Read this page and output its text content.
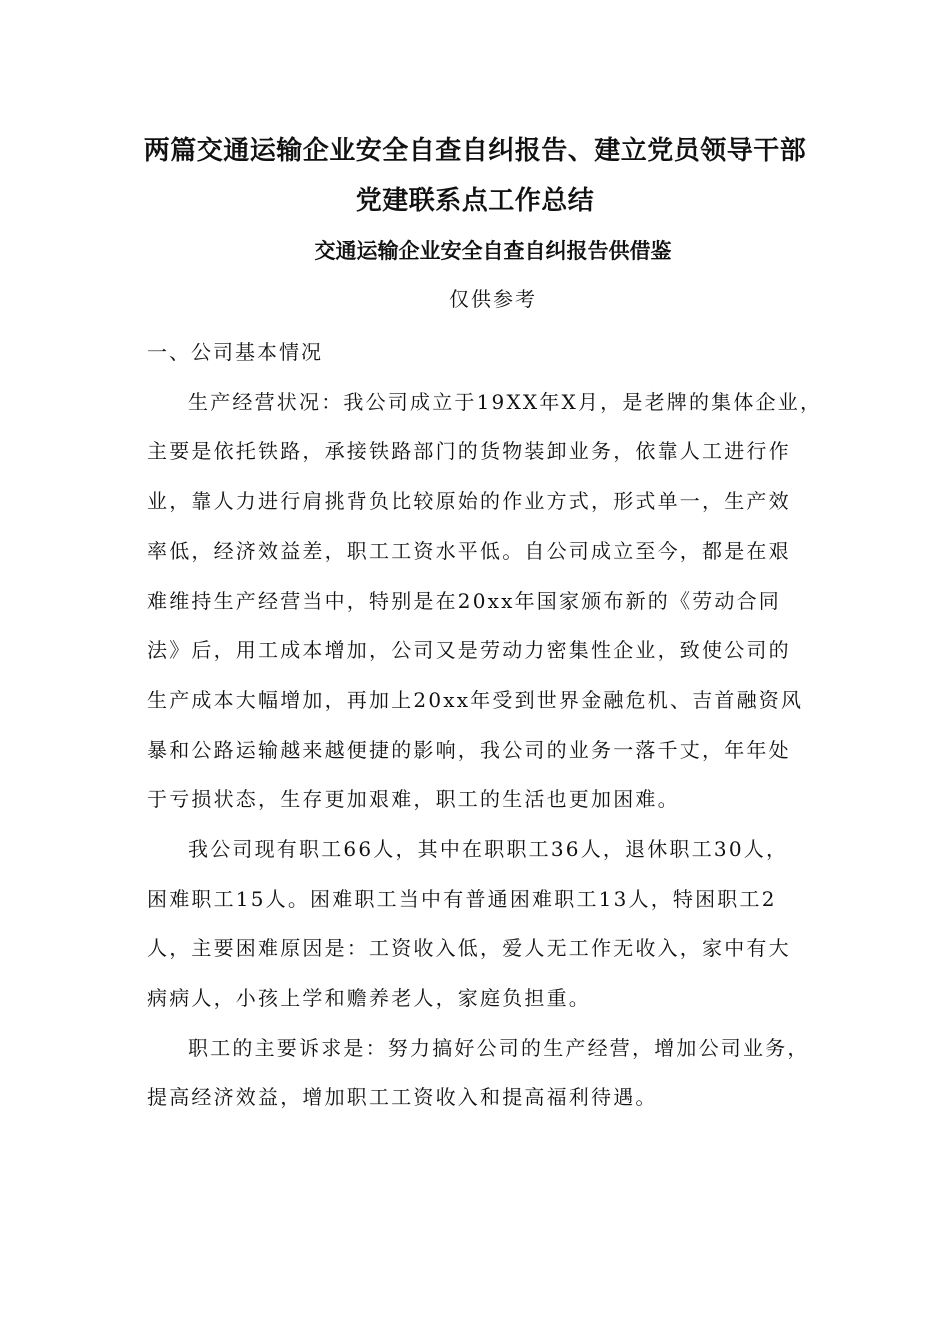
两篇交通运输企业安全自查自纠报告、建立党员领导干部
党建联系点工作总结
交通运输企业安全自查自纠报告供借鉴
仅供参考
一、公司基本情况
生产经营状况：我公司成立于19XX年X月，是老牌的集体企业，
主要是依托铁路，承接铁路部门的货物装卸业务，依靠人工进行作
业，靠人力进行肩挑背负比较原始的作业方式，形式单一，生产效
率低，经济效益差，职工工资水平低。自公司成立至今，都是在艰
难维持生产经营当中，特别是在20xx年国家颁布新的《劳动合同
法》后，用工成本增加，公司又是劳动力密集性企业，致使公司的
生产成本大幅增加，再加上20xx年受到世界金融危机、吉首融资风
暴和公路运输越来越便捷的影响，我公司的业务一落千丈，年年处
于亏损状态，生存更加艰难，职工的生活也更加困难。
我公司现有职工66人，其中在职职工36人，退休职工30人，
困难职工15人。困难职工当中有普通困难职工13人，特困职工2
人，主要困难原因是：工资收入低，爱人无工作无收入，家中有大
病病人，小孩上学和赡养老人，家庭负担重。
职工的主要诉求是：努力搞好公司的生产经营，增加公司业务，
提高经济效益，增加职工工资收入和提高福利待遇。
